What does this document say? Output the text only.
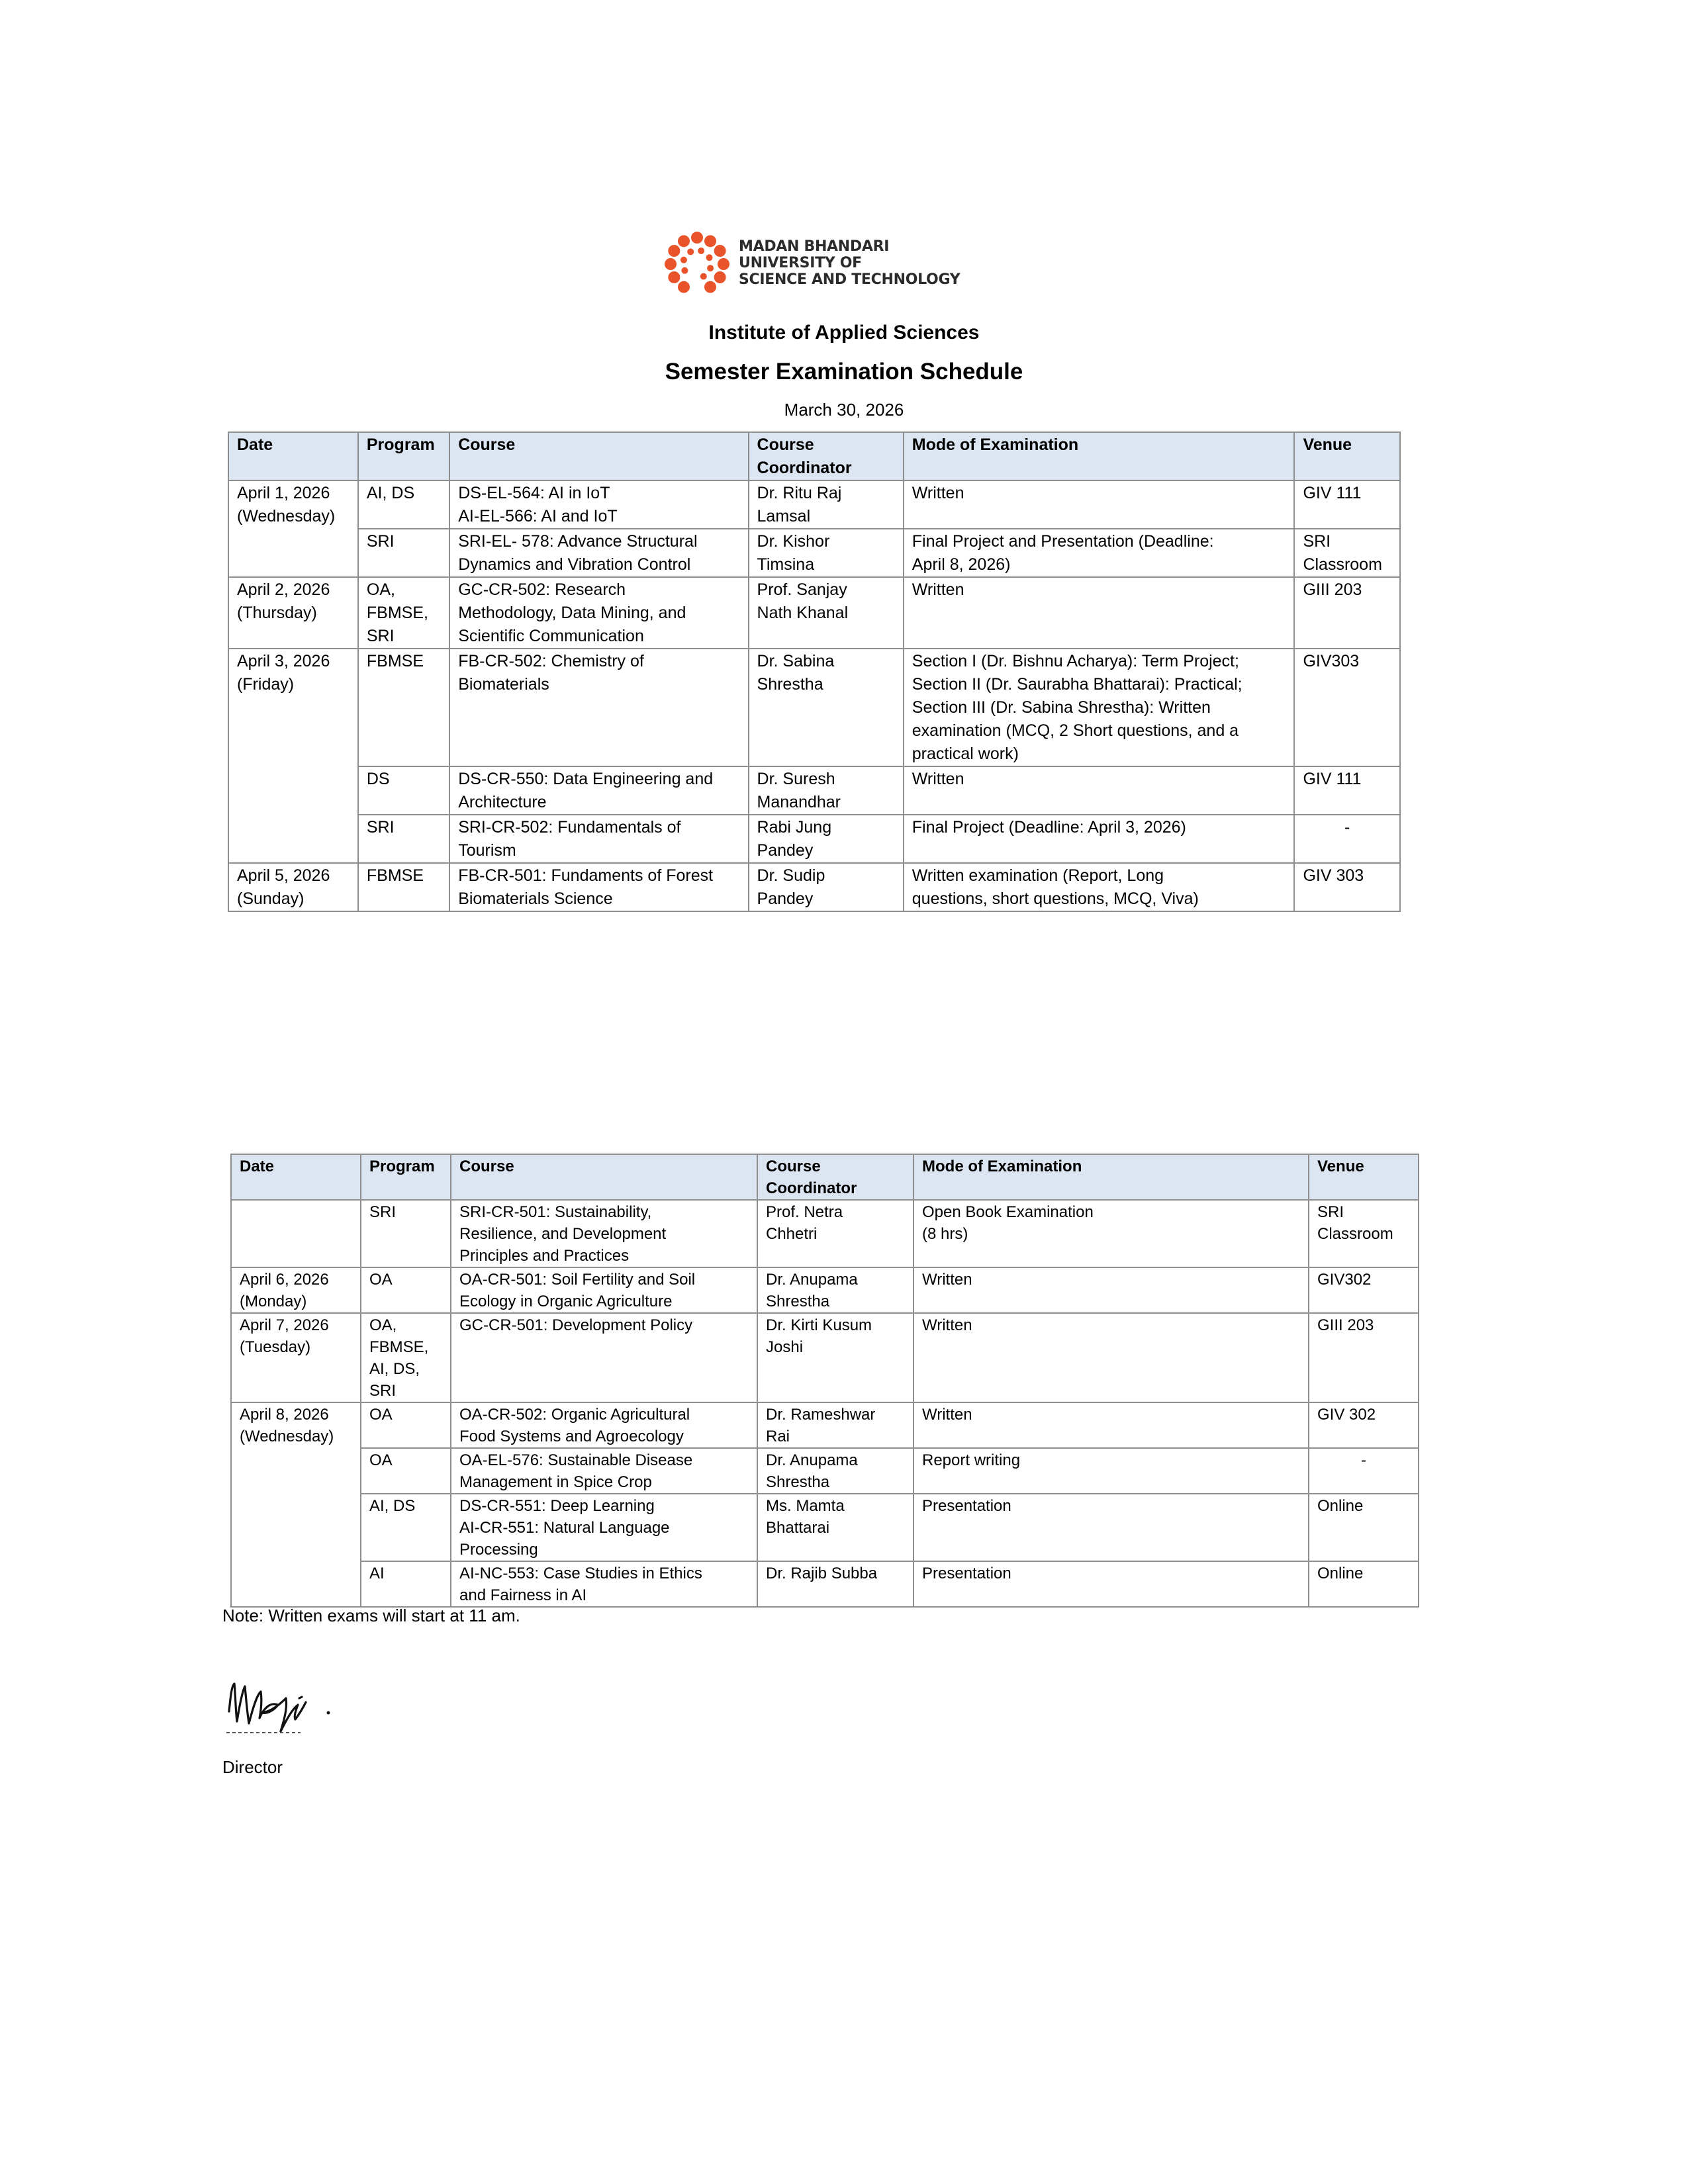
MADAN BHANDARI
UNIVERSITY OF
SCIENCE AND TECHNOLOGY
Institute of Applied Sciences
Semester Examination Schedule
March 30, 2026
Date	Program	Course	Course
Coordinator	Mode of Examination	Venue
April 1, 2026
(Wednesday)	AI, DS	DS-EL-564: AI in IoT
AI-EL-566: AI and IoT	Dr. Ritu Raj
Lamsal	Written	GIV 111
	SRI	SRI-EL- 578: Advance Structural
Dynamics and Vibration Control	Dr. Kishor
Timsina	Final Project and Presentation (Deadline:
April 8, 2026)	SRI
Classroom
April 2, 2026
(Thursday)	OA,
FBMSE,
SRI	GC-CR-502: Research
Methodology, Data Mining, and
Scientific Communication	Prof. Sanjay
Nath Khanal	Written	GIII 203
April 3, 2026
(Friday)	FBMSE	FB-CR-502: Chemistry of
Biomaterials	Dr. Sabina
Shrestha	Section I (Dr. Bishnu Acharya): Term Project;
Section II (Dr. Saurabha Bhattarai): Practical;
Section III (Dr. Sabina Shrestha): Written
examination (MCQ, 2 Short questions, and a
practical work)	GIV303
	DS	DS-CR-550: Data Engineering and
Architecture	Dr. Suresh
Manandhar	Written	GIV 111
	SRI	SRI-CR-502: Fundamentals of
Tourism	Rabi Jung
Pandey	Final Project (Deadline: April 3, 2026)	-
April 5, 2026
(Sunday)	FBMSE	FB-CR-501: Fundaments of Forest
Biomaterials Science	Dr. Sudip
Pandey	Written examination (Report, Long
questions, short questions, MCQ, Viva)	GIV 303
Date	Program	Course	Course
Coordinator	Mode of Examination	Venue
	SRI	SRI-CR-501: Sustainability,
Resilience, and Development
Principles and Practices	Prof. Netra
Chhetri	Open Book Examination
(8 hrs)	SRI
Classroom
April 6, 2026
(Monday)	OA	OA-CR-501: Soil Fertility and Soil
Ecology in Organic Agriculture	Dr. Anupama
Shrestha	Written	GIV302
April 7, 2026
(Tuesday)	OA,
FBMSE,
AI, DS,
SRI	GC-CR-501: Development Policy	Dr. Kirti Kusum
Joshi	Written	GIII 203
April 8, 2026
(Wednesday)	OA	OA-CR-502: Organic Agricultural
Food Systems and Agroecology	Dr. Rameshwar
Rai	Written	GIV 302
	OA	OA-EL-576: Sustainable Disease
Management in Spice Crop	Dr. Anupama
Shrestha	Report writing	-
	AI, DS	DS-CR-551: Deep Learning
AI-CR-551: Natural Language
Processing	Ms. Mamta
Bhattarai	Presentation	Online
	AI	AI-NC-553: Case Studies in Ethics
and Fairness in AI	Dr. Rajib Subba	Presentation	Online
Note: Written exams will start at 11 am.
Director
